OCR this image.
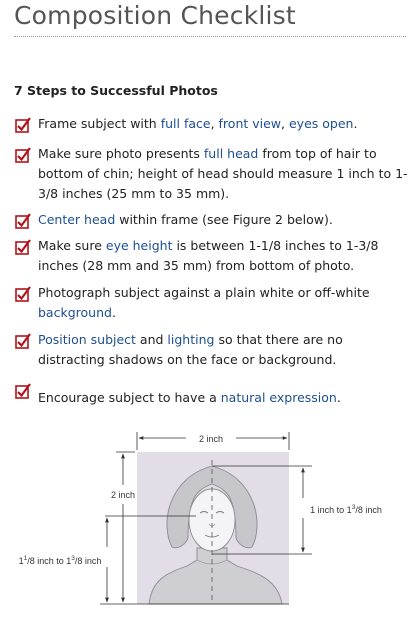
Composition Checklist
7 Steps to Successful Photos
Frame subject with full face, front view, eyes open.
Make sure photo presents full head from top of hair to bottom of chin; height of head should measure 1 inch to 1-3/8 inches (25 mm to 35 mm).
Center head within frame (see Figure 2 below).
Make sure eye height is between 1-1/8 inches to 1-3/8 inches (28 mm and 35 mm) from bottom of photo.
Photograph subject against a plain white or off-white background.
Position subject and lighting so that there are no distracting shadows on the face or background.
Encourage subject to have a natural expression.
2 inch
2 inch
$1^1/8$ inch to $1^3/8$ inch
1 inch to $1^3/8$ inch
